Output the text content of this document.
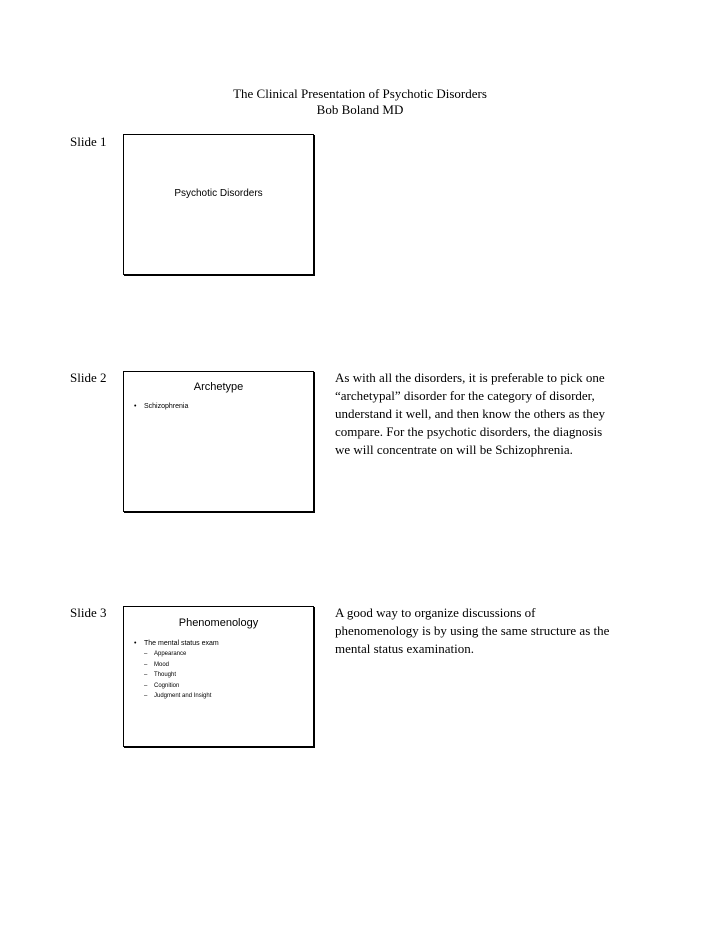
The Clinical Presentation of Psychotic Disorders
Bob Boland MD
Slide 1
Psychotic Disorders
Slide 2
Archetype
• Schizophrenia
As with all the disorders, it is preferable to pick one “archetypal” disorder for the category of disorder, understand it well, and then know the others as they compare. For the psychotic disorders, the diagnosis we will concentrate on will be Schizophrenia.
Slide 3
Phenomenology
• The mental status exam
– Appearance
– Mood
– Thought
– Cognition
– Judgment and Insight
A good way to organize discussions of phenomenology is by using the same structure as the mental status examination.
